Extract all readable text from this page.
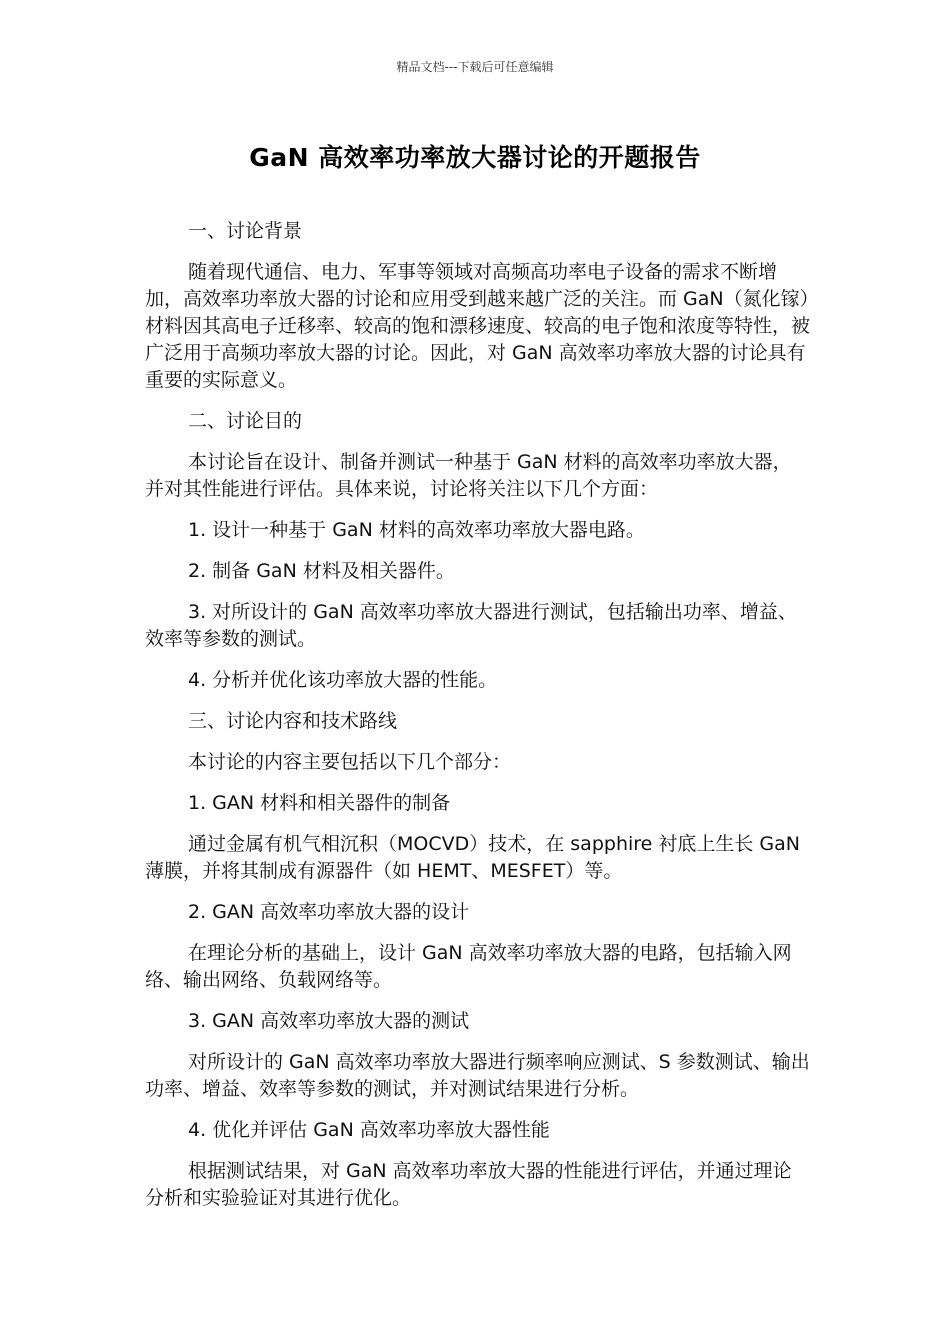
精品文档---下载后可任意编辑
GaN 高效率功率放大器讨论的开题报告

一、讨论背景

随着现代通信、电力、军事等领域对高频高功率电子设备的需求不断增加，高效率功率放大器的讨论和应用受到越来越广泛的关注。而 GaN（氮化镓）材料因其高电子迁移率、较高的饱和漂移速度、较高的电子饱和浓度等特性，被广泛用于高频功率放大器的讨论。因此，对 GaN 高效率功率放大器的讨论具有重要的实际意义。

二、讨论目的

本讨论旨在设计、制备并测试一种基于 GaN 材料的高效率功率放大器，并对其性能进行评估。具体来说，讨论将关注以下几个方面：

1. 设计一种基于 GaN 材料的高效率功率放大器电路。

2. 制备 GaN 材料及相关器件。

3. 对所设计的 GaN 高效率功率放大器进行测试，包括输出功率、增益、效率等参数的测试。

4. 分析并优化该功率放大器的性能。

三、讨论内容和技术路线

本讨论的内容主要包括以下几个部分：

1. GAN 材料和相关器件的制备

通过金属有机气相沉积（MOCVD）技术，在 sapphire 衬底上生长 GaN 薄膜，并将其制成有源器件（如 HEMT、MESFET）等。

2. GAN 高效率功率放大器的设计

在理论分析的基础上，设计 GaN 高效率功率放大器的电路，包括输入网络、输出网络、负载网络等。

3. GAN 高效率功率放大器的测试

对所设计的 GaN 高效率功率放大器进行频率响应测试、S 参数测试、输出功率、增益、效率等参数的测试，并对测试结果进行分析。

4. 优化并评估 GaN 高效率功率放大器性能

根据测试结果，对 GaN 高效率功率放大器的性能进行评估，并通过理论分析和实验验证对其进行优化。
